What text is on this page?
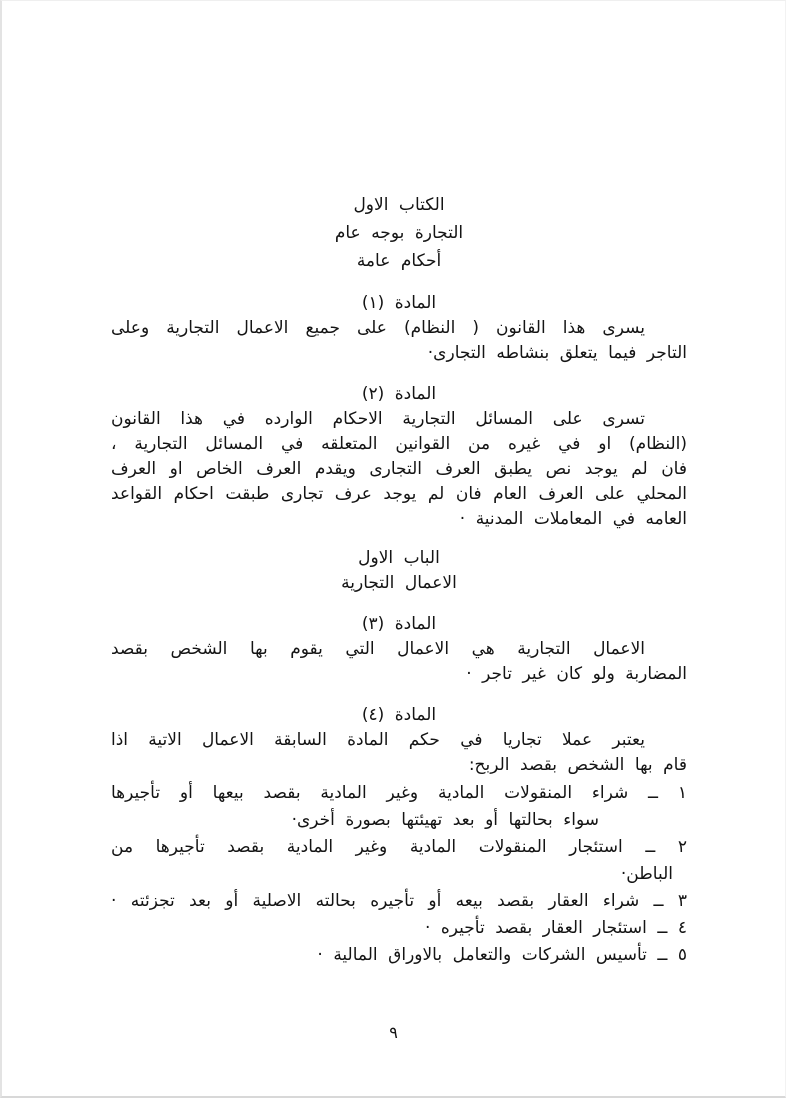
الكتاب الاول
التجارة بوجه عام
أحكام عامة
المادة (١)
يسرى هذا القانون ( النظام) على جميع الاعمال التجارية وعلى
التاجر فيما يتعلق بنشاطه التجارى·
المادة (٢)
تسرى على المسائل التجارية الاحكام الوارده في هذا القانون
(النظام) او في غيره من القوانين المتعلقه في المسائل التجارية ،
فان لم يوجد نص يطبق العرف التجارى ويقدم العرف الخاص او العرف
المحلي على العرف العام فان لم يوجد عرف تجارى طبقت احكام القواعد
العامه في المعاملات المدنية ·
الباب الاول
الاعمال التجارية
المادة (٣)
الاعمال التجارية هي الاعمال التي يقوم بها الشخص بقصد
المضاربة ولو كان غير تاجر ·
المادة (٤)
يعتبر عملا تجاريا في حكم المادة السابقة الاعمال الاتية اذا
قام بها الشخص بقصد الربح:
١ ــ شراء المنقولات المادية وغير المادية بقصد بيعها أو تأجيرها
سواء بحالتها أو بعد تهيئتها بصورة أخرى·
٢ ــ استئجار المنقولات المادية وغير المادية بقصد تأجيرها من
الباطن·
٣ ــ شراء العقار بقصد بيعه أو تأجيره بحالته الاصلية أو بعد تجزئته ·
٤ ــ استئجار العقار بقصد تأجيره ·
٥ ــ تأسيس الشركات والتعامل بالاوراق المالية ·
٩
